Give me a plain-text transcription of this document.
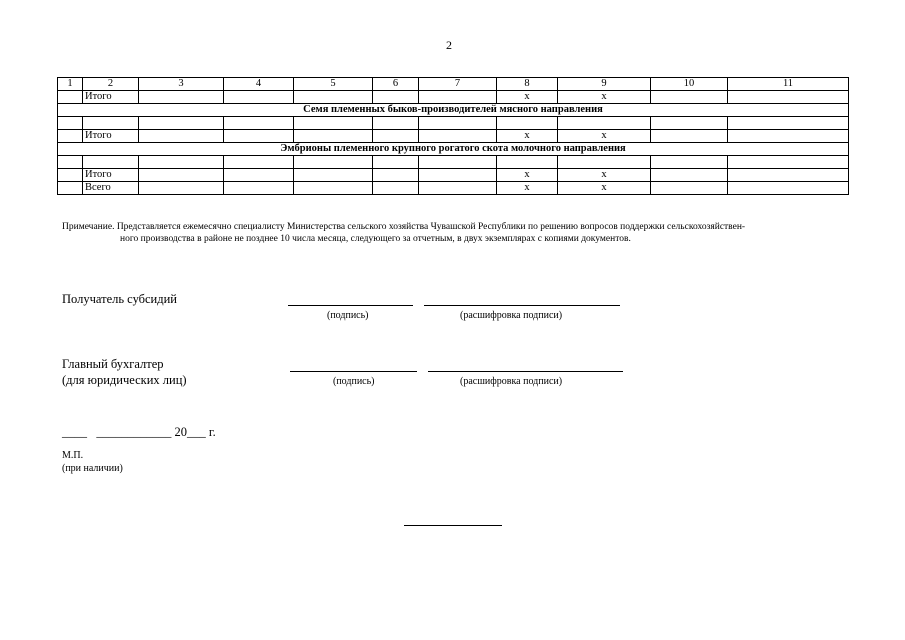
2
1	2	3	4	5	6	7	8	9	10	11
	Итого						x	x		
Семя племенных быков-производителей мясного направления										

	Итого						x	x		
Эмбрионы племенного крупного рогатого скота молочного направления										

	Итого						x	x		
	Всего						x	x		
Примечание. Представляется ежемесячно специалисту Министерства сельского хозяйства Чувашской Республики по решению вопросов поддержки сельскохозяйствен-
ного производства в районе не позднее 10 числа месяца, следующего за отчетным, в двух экземплярах с копиями документов.
Получатель субсидий
(подпись)	(расшифровка подписи)
Главный бухгалтер
(для юридических лиц)	(подпись)	(расшифровка подписи)
____   ____________ 20___ г.
М.П.
(при наличии)
